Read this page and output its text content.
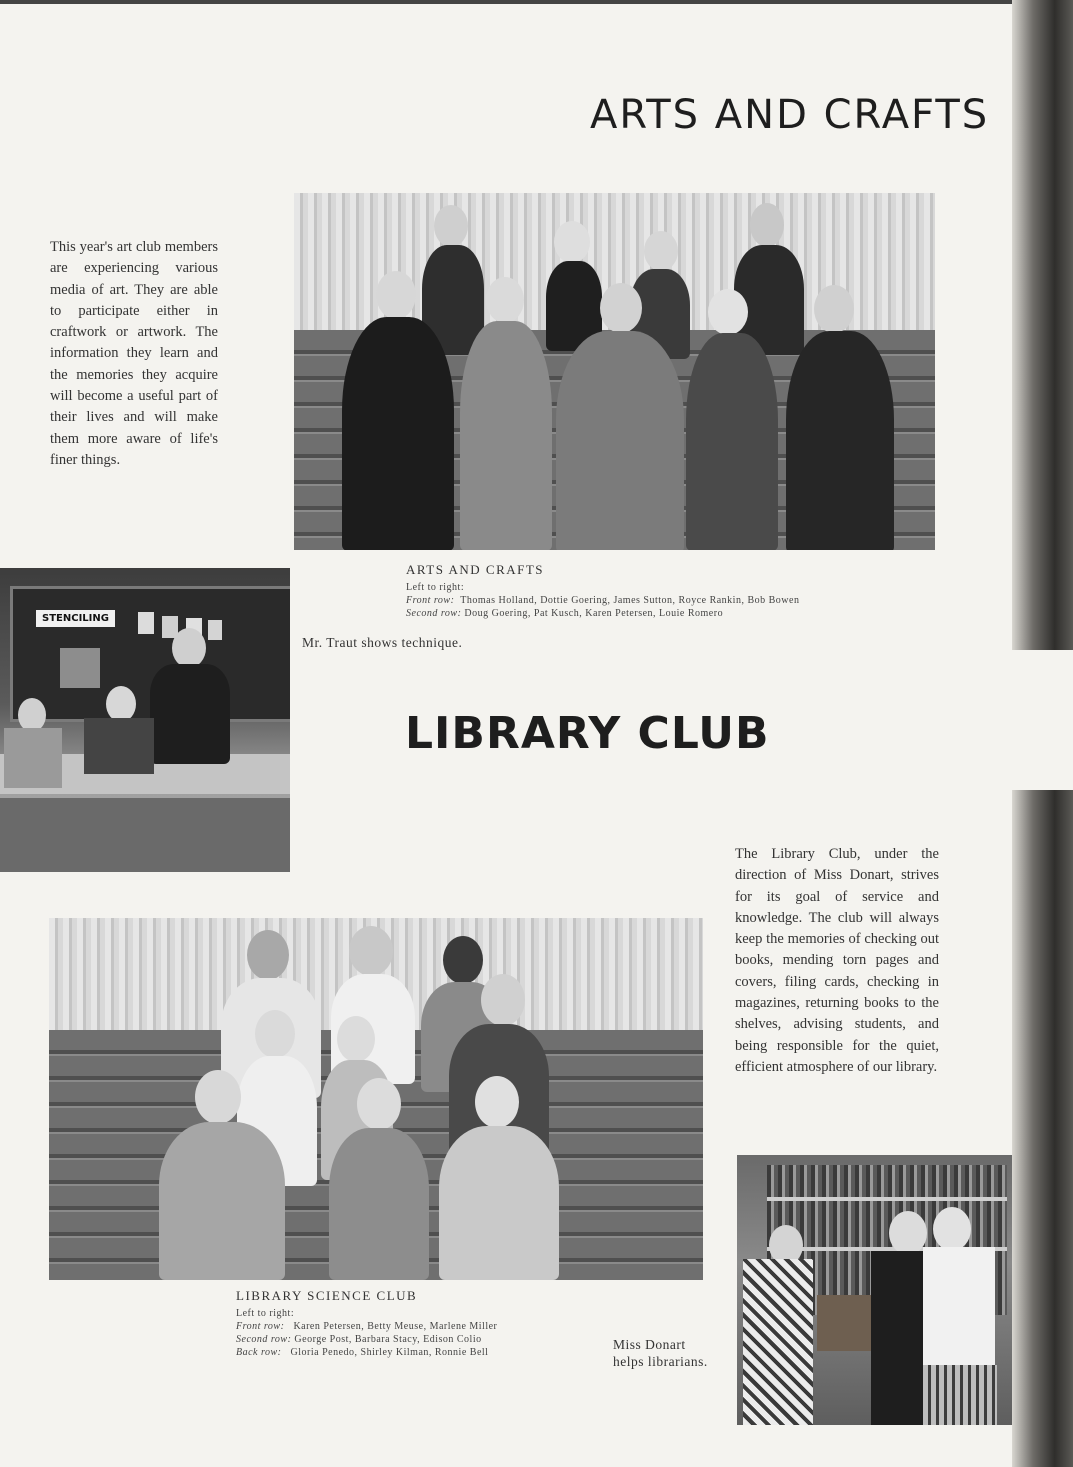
ARTS AND CRAFTS
This year's art club members are experiencing various media of art. They are able to participate either in craftwork or artwork. The information they learn and the memories they acquire will become a useful part of their lives and will make them more aware of life's finer things.
ARTS AND CRAFTS
Left to right:
Front row: Thomas Holland, Dottie Goering, James Sutton, Royce Rankin, Bob Bowen
Second row: Doug Goering, Pat Kusch, Karen Petersen, Louie Romero
STENCILING
Mr. Traut shows technique.
LIBRARY CLUB
The Library Club, under the direction of Miss Donart, strives for its goal of service and knowledge. The club will always keep the memories of checking out books, mending torn pages and covers, filing cards, checking in magazines, returning books to the shelves, advising students, and being responsible for the quiet, efficient atmosphere of our library.
LIBRARY SCIENCE CLUB
Left to right:
Front row: Karen Petersen, Betty Meuse, Marlene Miller
Second row: George Post, Barbara Stacy, Edison Colio
Back row: Gloria Penedo, Shirley Kilman, Ronnie Bell
Miss Donart
helps librarians.
